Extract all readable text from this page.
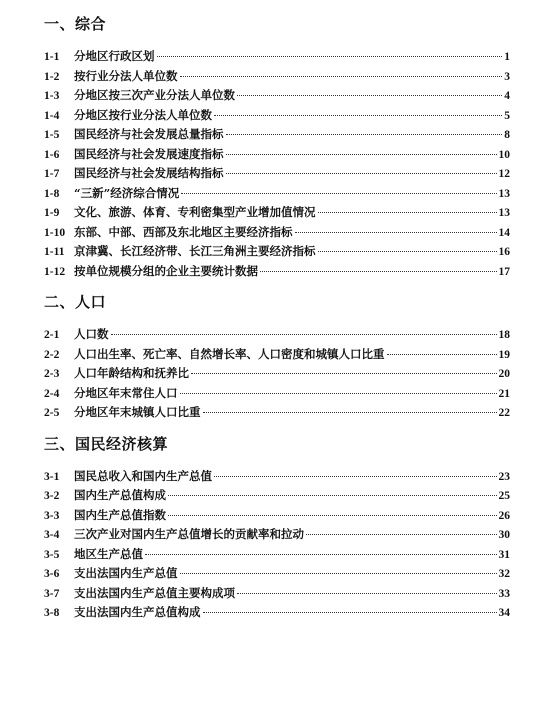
一、综合
1-1	分地区行政区划	1
1-2	按行业分法人单位数	3
1-3	分地区按三次产业分法人单位数	4
1-4	分地区按行业分法人单位数	5
1-5	国民经济与社会发展总量指标	8
1-6	国民经济与社会发展速度指标	10
1-7	国民经济与社会发展结构指标	12
1-8	“三新”经济综合情况	13
1-9	文化、旅游、体育、专利密集型产业增加值情况	13
1-10 东部、中部、西部及东北地区主要经济指标	14
1-11 京津冀、长江经济带、长江三角洲主要经济指标	16
1-12 按单位规模分组的企业主要统计数据	17
二、人口
2-1	人口数	18
2-2	人口出生率、死亡率、自然增长率、人口密度和城镇人口比重	19
2-3	人口年龄结构和抚养比	20
2-4	分地区年末常住人口	21
2-5	分地区年末城镇人口比重	22
三、国民经济核算
3-1	国民总收入和国内生产总值	23
3-2	国内生产总值构成	25
3-3	国内生产总值指数	26
3-4	三次产业对国内生产总值增长的贡献率和拉动	30
3-5	地区生产总值	31
3-6	支出法国内生产总值	32
3-7	支出法国内生产总值主要构成项	33
3-8	支出法国内生产总值构成	34
